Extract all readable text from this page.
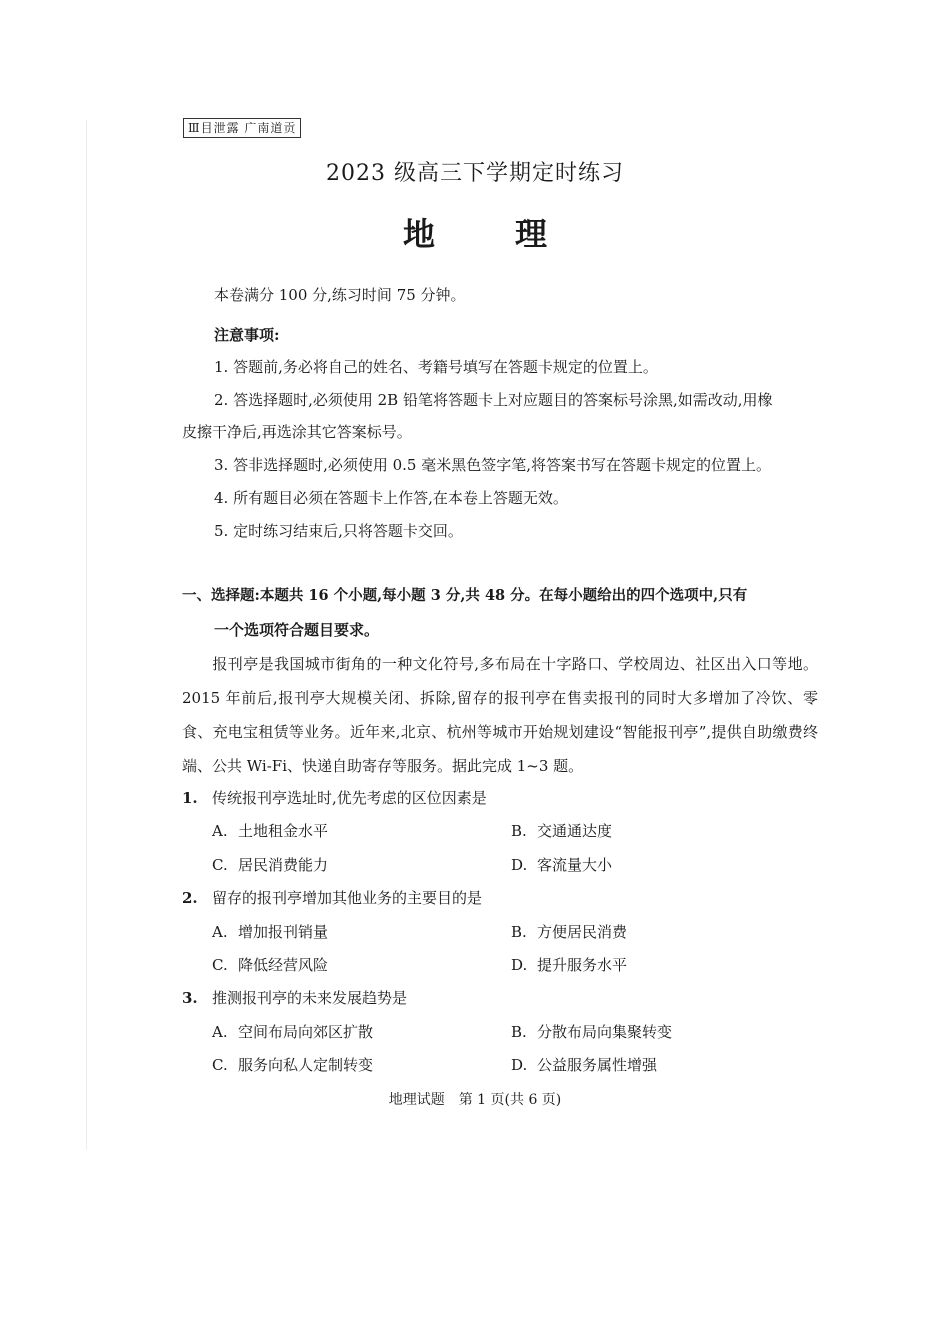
Ⅲ目泄露 广南道贡
2023 级高三下学期定时练习
地　理
本卷满分 100 分,练习时间 75 分钟。
注意事项:
1. 答题前,务必将自己的姓名、考籍号填写在答题卡规定的位置上。
2. 答选择题时,必须使用 2B 铅笔将答题卡上对应题目的答案标号涂黑,如需改动,用橡
皮擦干净后,再选涂其它答案标号。
3. 答非选择题时,必须使用 0.5 毫米黑色签字笔,将答案书写在答题卡规定的位置上。
4. 所有题目必须在答题卡上作答,在本卷上答题无效。
5. 定时练习结束后,只将答题卡交回。
一、选择题:本题共 16 个小题,每小题 3 分,共 48 分。在每小题给出的四个选项中,只有
一个选项符合题目要求。
报刊亭是我国城市街角的一种文化符号,多布局在十字路口、学校周边、社区出入口等地。2015 年前后,报刊亭大规模关闭、拆除,留存的报刊亭在售卖报刊的同时大多增加了冷饮、零食、充电宝租赁等业务。近年来,北京、杭州等城市开始规划建设“智能报刊亭”,提供自助缴费终端、公共 Wi-Fi、快递自助寄存等服务。据此完成 1~3 题。
1. 传统报刊亭选址时,优先考虑的区位因素是
A. 土地租金水平	B. 交通通达度
C. 居民消费能力	D. 客流量大小
2. 留存的报刊亭增加其他业务的主要目的是
A. 增加报刊销量	B. 方便居民消费
C. 降低经营风险	D. 提升服务水平
3. 推测报刊亭的未来发展趋势是
A. 空间布局向郊区扩散	B. 分散布局向集聚转变
C. 服务向私人定制转变	D. 公益服务属性增强
地理试题　第 1 页(共 6 页)
